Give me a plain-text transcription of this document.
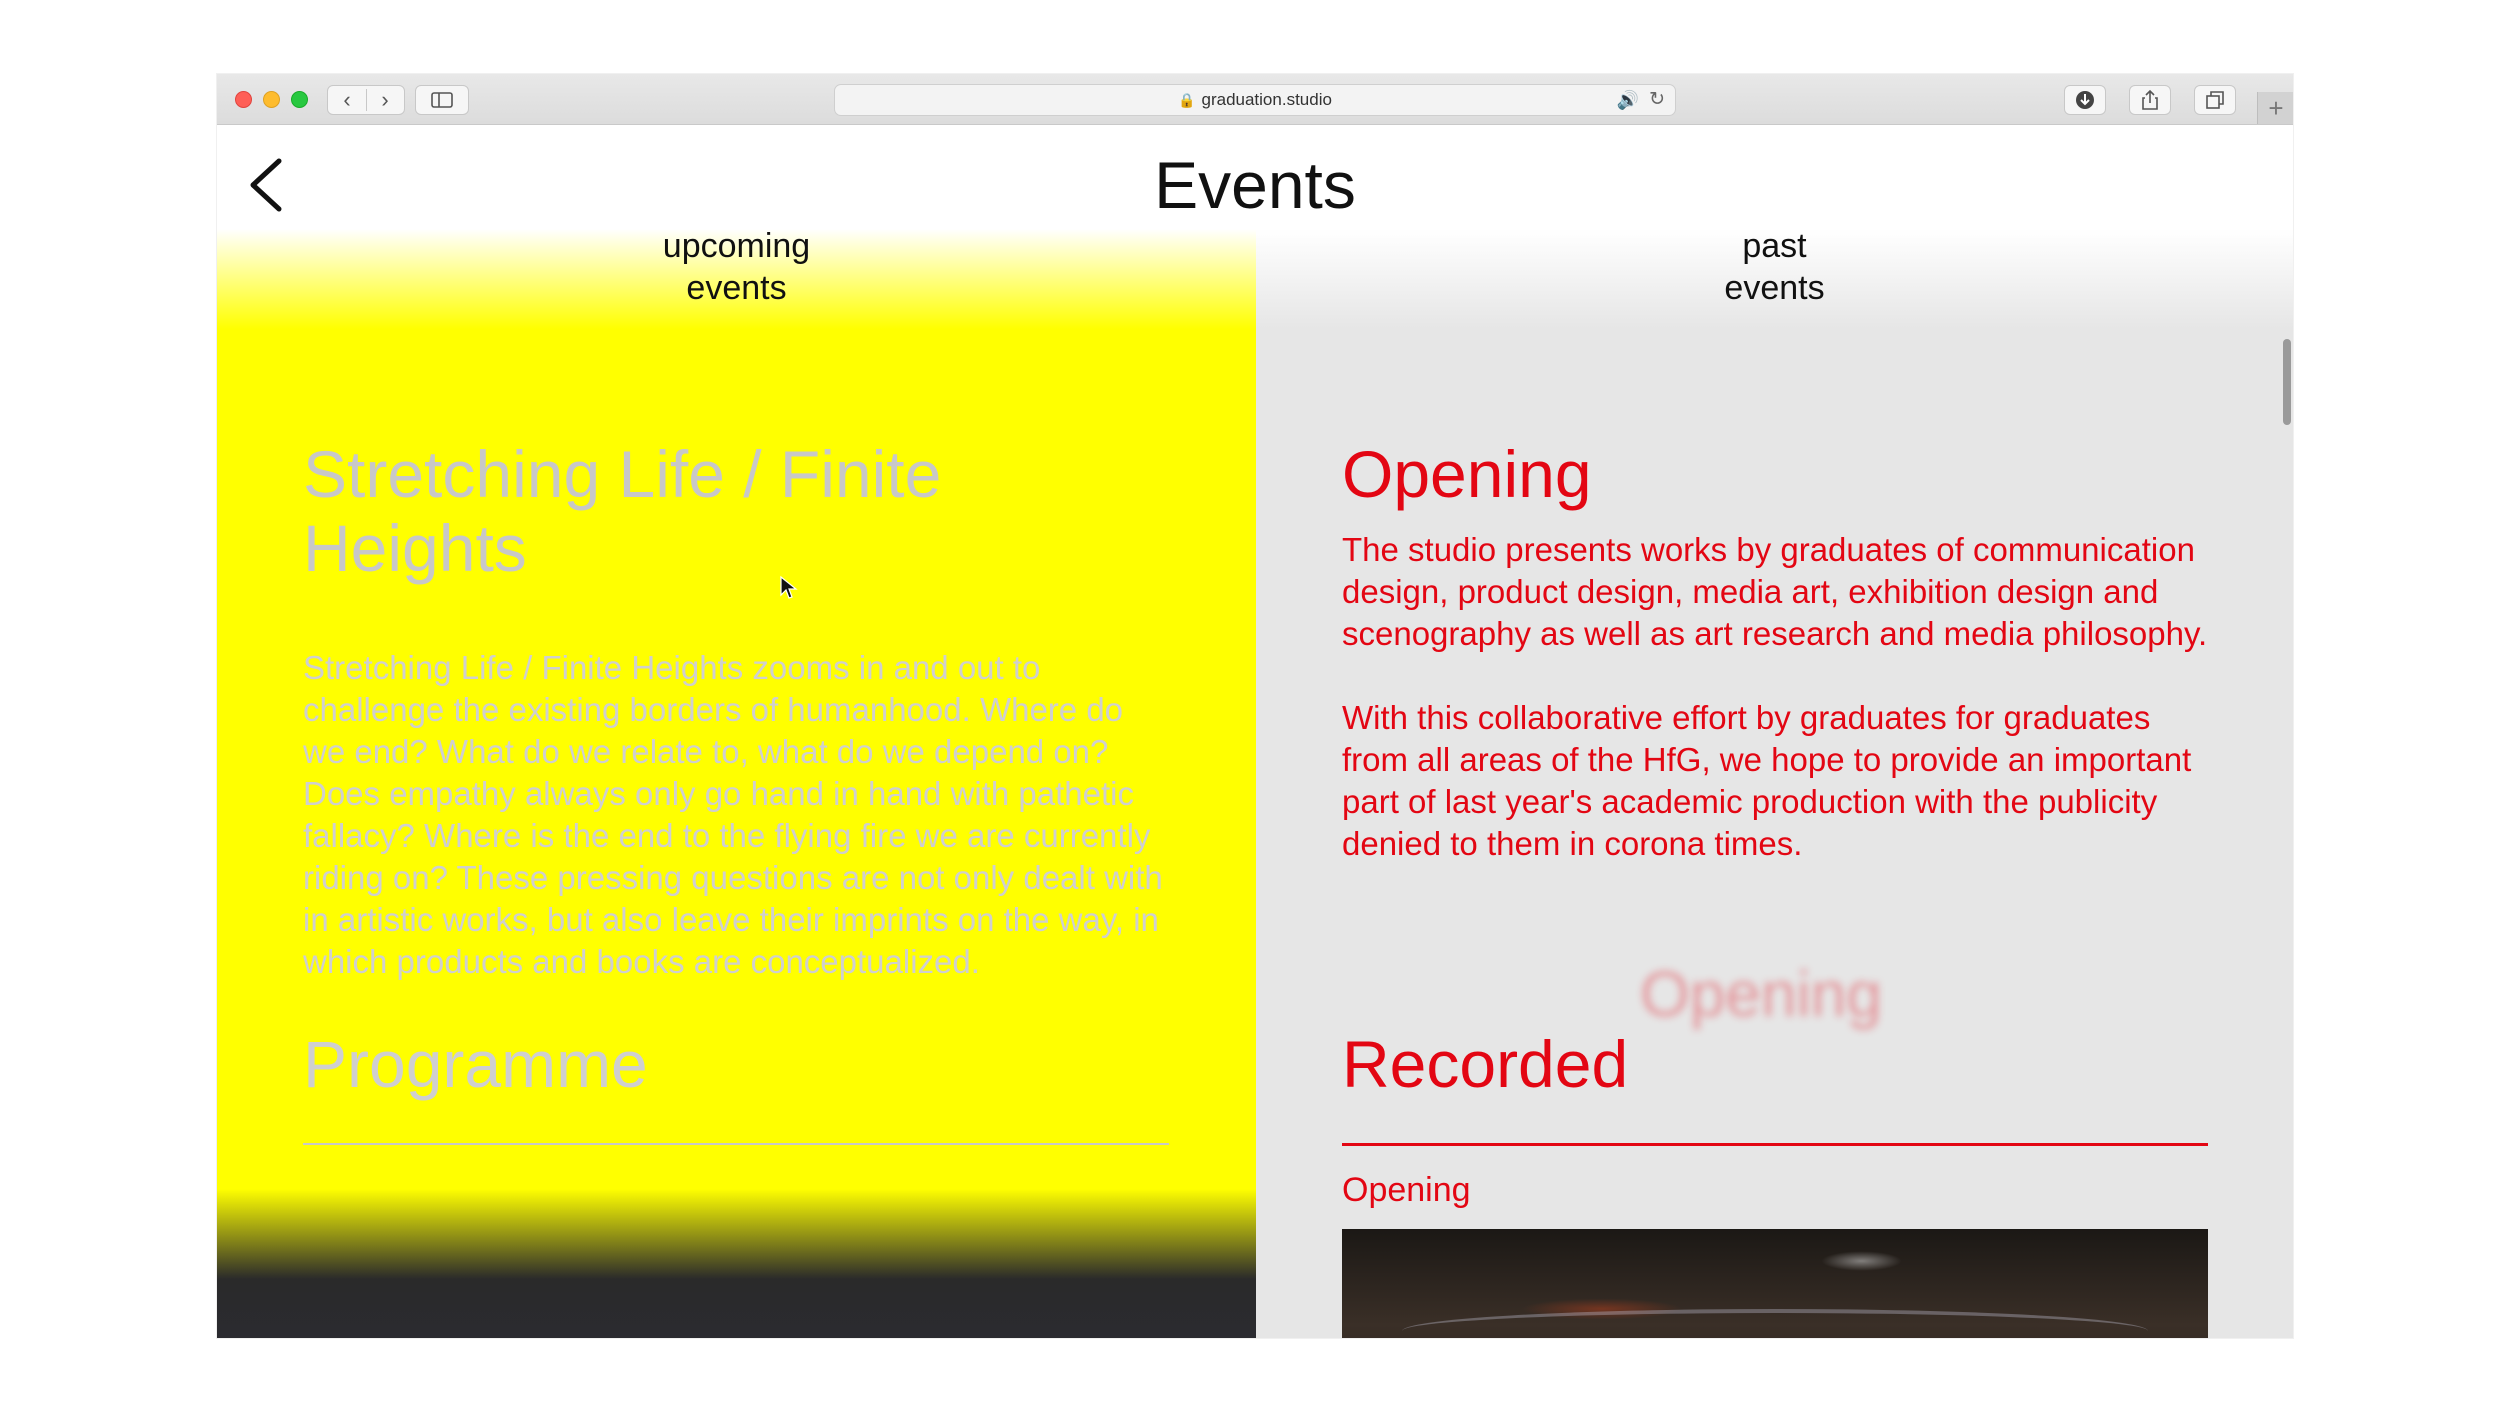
‹ ›	🔒 graduation.studio	🔊 ↻	+
Events
upcoming
events
Stretching Life / Finite Heights

Stretching Life / Finite Heights zooms in and out to challenge the existing borders of humanhood. Where do we end? What do we relate to, what do we depend on? Does empathy always only go hand in hand with pathetic fallacy? Where is the end to the flying fire we are currently riding on? These pressing questions are not only dealt with in artistic works, but also leave their imprints on the way, in which products and books are conceptualized.

Programme
past
events
Opening

The studio presents works by graduates of communication design, product design, media art, exhibition design and scenography as well as art research and media philosophy.

With this collaborative effort by graduates for graduates from all areas of the HfG, we hope to provide an important part of last year's academic production with the publicity denied to them in corona times.

Opening
Recorded
Opening
